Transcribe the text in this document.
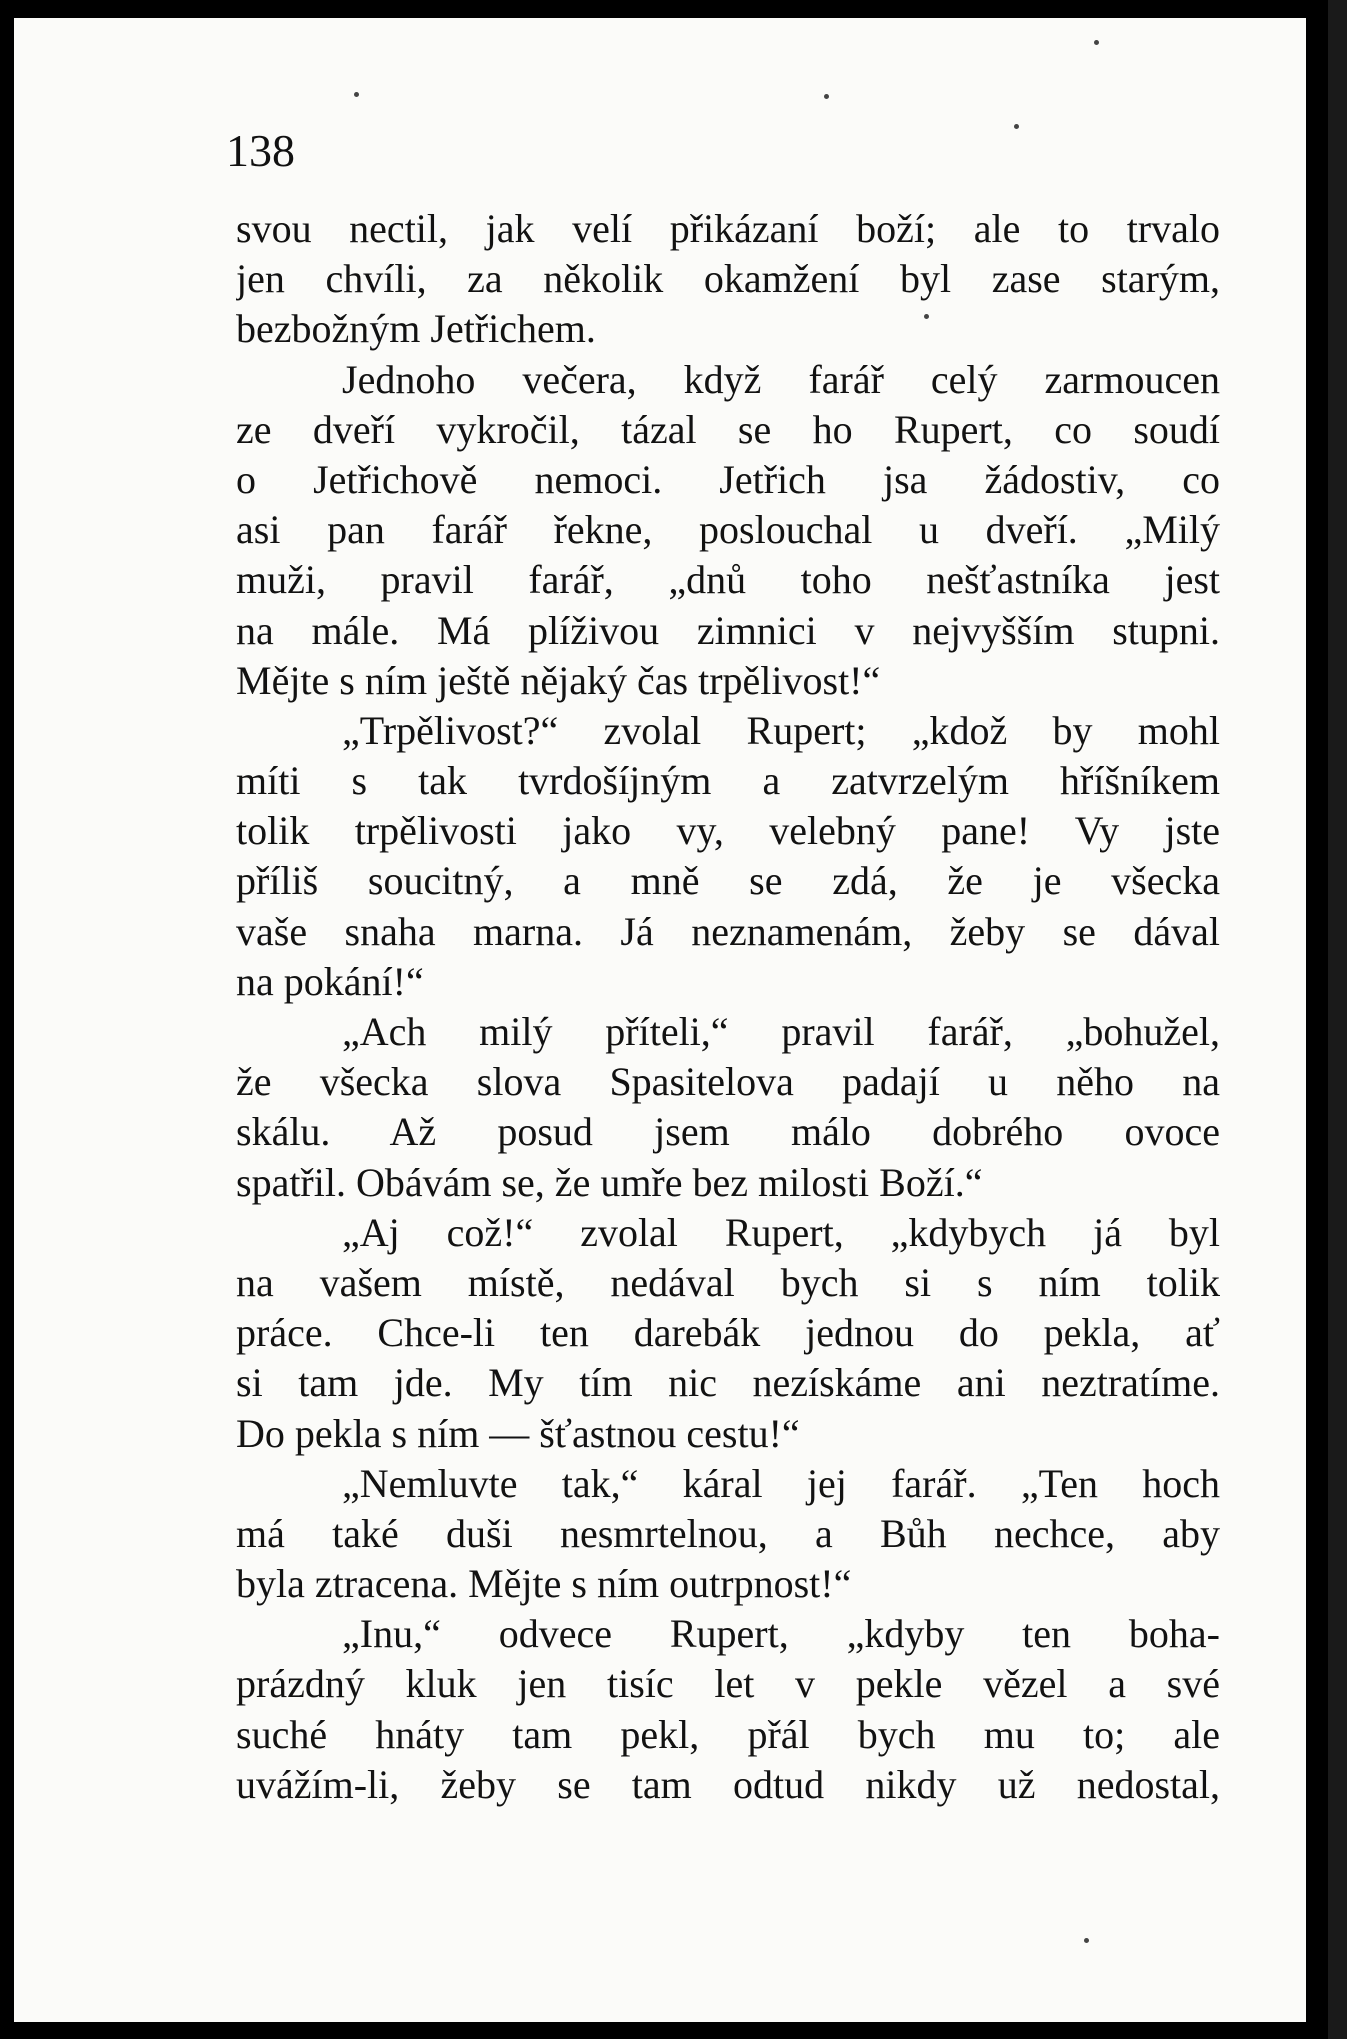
138
svou nectil, jak velí přikázaní boží; ale to trvalo
jen chvíli, za několik okamžení byl zase starým,
bezbožným Jetřichem.
Jednoho večera, když farář celý zarmoucen
ze dveří vykročil, tázal se ho Rupert, co soudí
o Jetřichově nemoci. Jetřich jsa žádostiv, co
asi pan farář řekne, poslouchal u dveří. „Milý
muži, pravil farář, „dnů toho nešťastníka jest
na mále. Má plíživou zimnici v nejvyšším stupni.
Mějte s ním ještě nějaký čas trpělivost!“
„Trpělivost?“ zvolal Rupert; „kdož by mohl
míti s tak tvrdošíjným a zatvrzelým hříšníkem
tolik trpělivosti jako vy, velebný pane! Vy jste
příliš soucitný, a mně se zdá, že je všecka
vaše snaha marna. Já neznamenám, žeby se dával
na pokání!“
„Ach milý příteli,“ pravil farář, „bohužel,
že všecka slova Spasitelova padají u něho na
skálu. Až posud jsem málo dobrého ovoce
spatřil. Obávám se, že umře bez milosti Boží.“
„Aj což!“ zvolal Rupert, „kdybych já byl
na vašem místě, nedával bych si s ním tolik
práce. Chce-li ten darebák jednou do pekla, ať
si tam jde. My tím nic nezískáme ani neztratíme.
Do pekla s ním — šťastnou cestu!“
„Nemluvte tak,“ káral jej farář. „Ten hoch
má také duši nesmrtelnou, a Bůh nechce, aby
byla ztracena. Mějte s ním outrpnost!“
„Inu,“ odvece Rupert, „kdyby ten boha-
prázdný kluk jen tisíc let v pekle vězel a své
suché hnáty tam pekl, přál bych mu to; ale
uvážím-li, žeby se tam odtud nikdy už nedostal,
